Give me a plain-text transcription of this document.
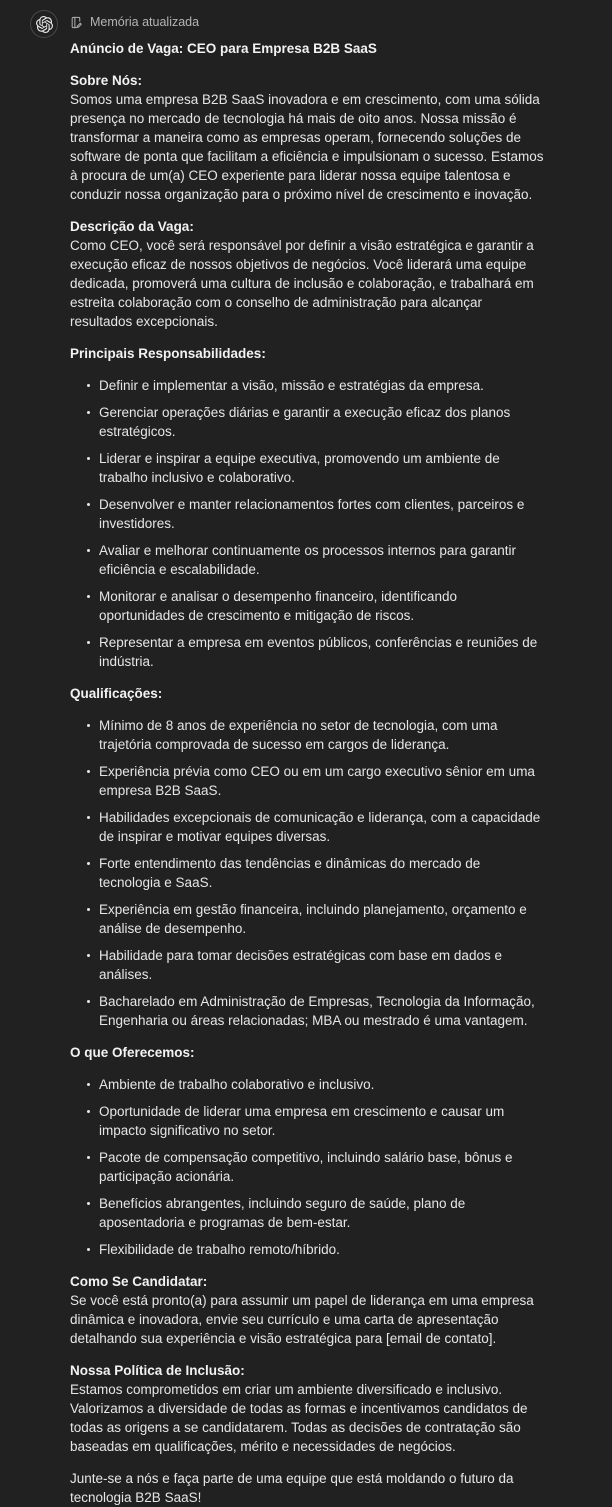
Memória atualizada
Anúncio de Vaga: CEO para Empresa B2B SaaS

Sobre Nós:
Somos uma empresa B2B SaaS inovadora e em crescimento, com uma sólida presença no mercado de tecnologia há mais de oito anos. Nossa missão é transformar a maneira como as empresas operam, fornecendo soluções de software de ponta que facilitam a eficiência e impulsionam o sucesso. Estamos à procura de um(a) CEO experiente para liderar nossa equipe talentosa e conduzir nossa organização para o próximo nível de crescimento e inovação.

Descrição da Vaga:
Como CEO, você será responsável por definir a visão estratégica e garantir a execução eficaz de nossos objetivos de negócios. Você liderará uma equipe dedicada, promoverá uma cultura de inclusão e colaboração, e trabalhará em estreita colaboração com o conselho de administração para alcançar resultados excepcionais.

Principais Responsabilidades:

Definir e implementar a visão, missão e estratégias da empresa.
Gerenciar operações diárias e garantir a execução eficaz dos planos estratégicos.
Liderar e inspirar a equipe executiva, promovendo um ambiente de trabalho inclusivo e colaborativo.
Desenvolver e manter relacionamentos fortes com clientes, parceiros e investidores.
Avaliar e melhorar continuamente os processos internos para garantir eficiência e escalabilidade.
Monitorar e analisar o desempenho financeiro, identificando oportunidades de crescimento e mitigação de riscos.
Representar a empresa em eventos públicos, conferências e reuniões de indústria.

Qualificações:

Mínimo de 8 anos de experiência no setor de tecnologia, com uma trajetória comprovada de sucesso em cargos de liderança.
Experiência prévia como CEO ou em um cargo executivo sênior em uma empresa B2B SaaS.
Habilidades excepcionais de comunicação e liderança, com a capacidade de inspirar e motivar equipes diversas.
Forte entendimento das tendências e dinâmicas do mercado de tecnologia e SaaS.
Experiência em gestão financeira, incluindo planejamento, orçamento e análise de desempenho.
Habilidade para tomar decisões estratégicas com base em dados e análises.
Bacharelado em Administração de Empresas, Tecnologia da Informação, Engenharia ou áreas relacionadas; MBA ou mestrado é uma vantagem.

O que Oferecemos:

Ambiente de trabalho colaborativo e inclusivo.
Oportunidade de liderar uma empresa em crescimento e causar um impacto significativo no setor.
Pacote de compensação competitivo, incluindo salário base, bônus e participação acionária.
Benefícios abrangentes, incluindo seguro de saúde, plano de aposentadoria e programas de bem-estar.
Flexibilidade de trabalho remoto/híbrido.

Como Se Candidatar:
Se você está pronto(a) para assumir um papel de liderança em uma empresa dinâmica e inovadora, envie seu currículo e uma carta de apresentação detalhando sua experiência e visão estratégica para [email de contato].

Nossa Política de Inclusão:
Estamos comprometidos em criar um ambiente diversificado e inclusivo. Valorizamos a diversidade de todas as formas e incentivamos candidatos de todas as origens a se candidatarem. Todas as decisões de contratação são baseadas em qualificações, mérito e necessidades de negócios.

Junte-se a nós e faça parte de uma equipe que está moldando o futuro da tecnologia B2B SaaS!
